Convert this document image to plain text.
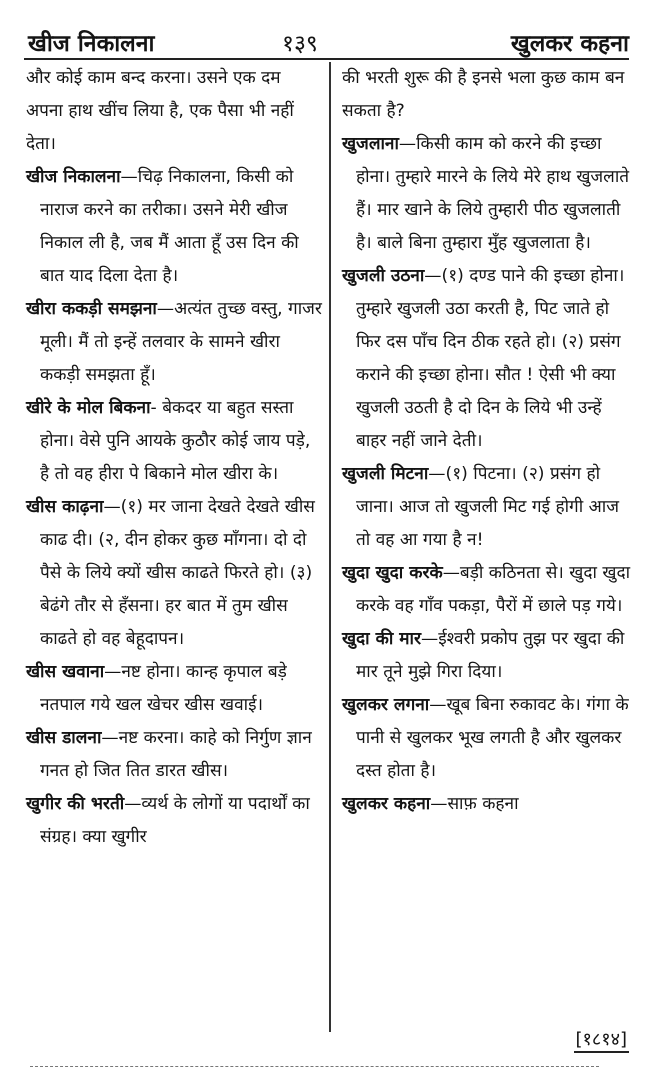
खीज निकालना	१३९	खुलकर कहना

और कोई काम बन्द करना। उसने एक दम अपना हाथ खींच लिया है, एक पैसा भी नहीं देता।

खीज निकालना—चिढ़ निकालना, किसी को नाराज करने का तरीका। उसने मेरी खीज निकाल ली है, जब मैं आता हूँ उस दिन की बात याद दिला देता है।

खीरा ककड़ी समझना—अत्यंत तुच्छ वस्तु, गाजर मूली। मैं तो इन्हें तलवार के सामने खीरा ककड़ी समझता हूँ।

खीरे के मोल बिकना- बेकदर या बहुत सस्ता होना। वेसे पुनि आयके कुठौर कोई जाय पड़े, है तो वह हीरा पे बिकाने मोल खीरा के।

खीस काढ़ना—(१) मर जाना देखते देखते खीस काढ दी। (२, दीन होकर कुछ माँगना। दो दो पैसे के लिये क्यों खीस काढते फिरते हो। (३) बेढंगे तौर से हँसना। हर बात में तुम खीस काढते हो वह बेहूदापन।

खीस खवाना—नष्ट होना। कान्ह कृपाल बड़े नतपाल गये खल खेचर खीस खवाई।

खीस डालना—नष्ट करना। काहे को निर्गुण ज्ञान गनत हो जित तित डारत खीस।

खुगीर की भरती—व्यर्थ के लोगों या पदार्थों का संग्रह। क्या खुगीर

की भरती शुरू की है इनसे भला कुछ काम बन सकता है?

खुजलाना—किसी काम को करने की इच्छा होना। तुम्हारे मारने के लिये मेरे हाथ खुजलाते हैं। मार खाने के लिये तुम्हारी पीठ खुजलाती है। बाले बिना तुम्हारा मुँह खुजलाता है।

खुजली उठना—(१) दण्ड पाने की इच्छा होना। तुम्हारे खुजली उठा करती है, पिट जाते हो फिर दस पाँच दिन ठीक रहते हो। (२) प्रसंग कराने की इच्छा होना। सौत ! ऐसी भी क्या खुजली उठती है दो दिन के लिये भी उन्हें बाहर नहीं जाने देती।

खुजली मिटना—(१) पिटना। (२) प्रसंग हो जाना। आज तो खुजली मिट गई होगी आज तो वह आ गया है न!

खुदा खुदा करके—बड़ी कठिनता से। खुदा खुदा करके वह गाँव पकड़ा, पैरों में छाले पड़ गये।

खुदा की मार—ईश्वरी प्रकोप तुझ पर खुदा की मार तूने मुझे गिरा दिया।

खुलकर लगना—खूब बिना रुकावट के। गंगा के पानी से खुलकर भूख लगती है और खुलकर दस्त होता है।

खुलकर कहना—साफ़ कहना

[१८१४]
